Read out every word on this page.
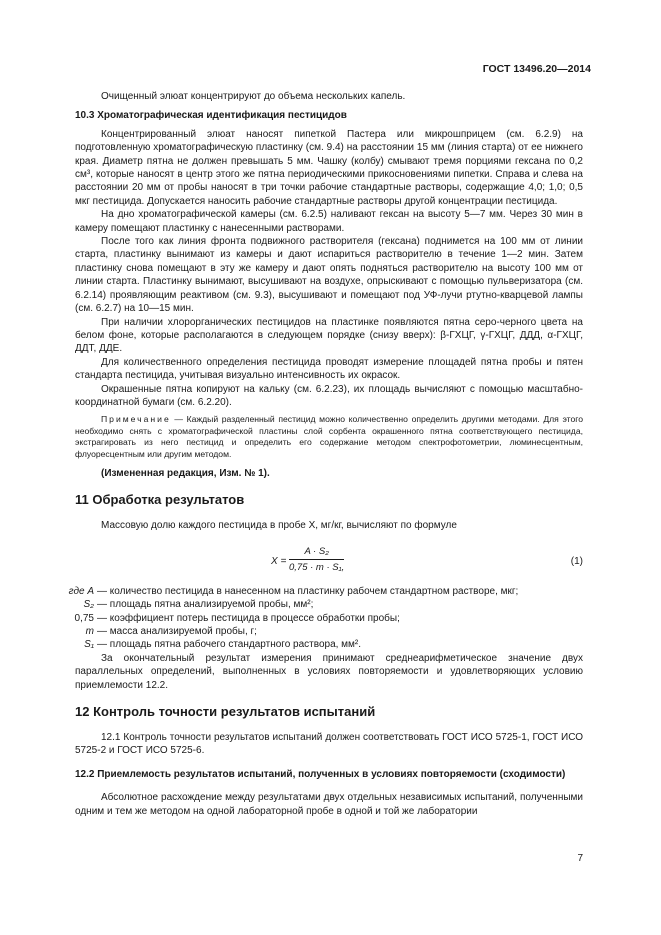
ГОСТ 13496.20—2014

Очищенный элюат концентрируют до объема нескольких капель.

10.3 Хроматографическая идентификация пестицидов

Концентрированный элюат наносят пипеткой Пастера или микрошприцем (см. 6.2.9) на подготовленную хроматографическую пластинку (см. 9.4) на расстоянии 15 мм (линия старта) от ее нижнего края. Диаметр пятна не должен превышать 5 мм. Чашку (колбу) смывают тремя порциями гексана по 0,2 см³, которые наносят в центр этого же пятна периодическими прикосновениями пипетки. Справа и слева на расстоянии 20 мм от пробы наносят в три точки рабочие стандартные растворы, содержащие 4,0; 1,0; 0,5 мкг пестицида. Допускается наносить рабочие стандартные растворы другой концентрации пестицида.

На дно хроматографической камеры (см. 6.2.5) наливают гексан на высоту 5—7 мм. Через 30 мин в камеру помещают пластинку с нанесенными растворами.

После того как линия фронта подвижного растворителя (гексана) поднимется на 100 мм от линии старта, пластинку вынимают из камеры и дают испариться растворителю в течение 1—2 мин. Затем пластинку снова помещают в эту же камеру и дают опять подняться растворителю на высоту 100 мм от линии старта. Пластинку вынимают, высушивают на воздухе, опрыскивают с помощью пульверизатора (см. 6.2.14) проявляющим реактивом (см. 9.3), высушивают и помещают под УФ-лучи ртутно-кварцевой лампы (см. 6.2.7) на 10—15 мин.

При наличии хлорорганических пестицидов на пластинке появляются пятна серо-черного цвета на белом фоне, которые располагаются в следующем порядке (снизу вверх): β-ГХЦГ, γ-ГХЦГ, ДДД, α-ГХЦГ, ДДТ, ДДЕ.

Для количественного определения пестицида проводят измерение площадей пятна пробы и пятен стандарта пестицида, учитывая визуально интенсивность их окрасок.

Окрашенные пятна копируют на кальку (см. 6.2.23), их площадь вычисляют с помощью масштабно-координатной бумаги (см. 6.2.20).

Примечание — Каждый разделенный пестицид можно количественно определить другими методами. Для этого необходимо снять с хроматографической пластины слой сорбента окрашенного пятна соответствующего пестицида, экстрагировать из него пестицид и определить его содержание методом спектрофотометрии, люминесцентным, флуоресцентным или другим методом.

(Измененная редакция, Изм. № 1).

11 Обработка результатов

Массовую долю каждого пестицида в пробе X, мг/кг, вычисляют по формуле

$X = \frac{\text{A · S₂}}{\text{0,75 · m · S₁,}}$	(1)
где A — количество пестицида в нанесенном на пластинку рабочем стандартном растворе, мкг;
S₂ — площадь пятна анализируемой пробы, мм²;
0,75 — коэффициент потерь пестицида в процессе обработки пробы;
m — масса анализируемой пробы, г;
S₁ — площадь пятна рабочего стандартного раствора, мм².

За окончательный результат измерения принимают среднеарифметическое значение двух параллельных определений, выполненных в условиях повторяемости и удовлетворяющих условию приемлемости 12.2.

12 Контроль точности результатов испытаний

12.1 Контроль точности результатов испытаний должен соответствовать ГОСТ ИСО 5725-1, ГОСТ ИСО 5725-2 и ГОСТ ИСО 5725-6.

12.2 Приемлемость результатов испытаний, полученных в условиях повторяемости (сходимости)

Абсолютное расхождение между результатами двух отдельных независимых испытаний, полученными одним и тем же методом на одной лабораторной пробе в одной и той же лаборатории

7
